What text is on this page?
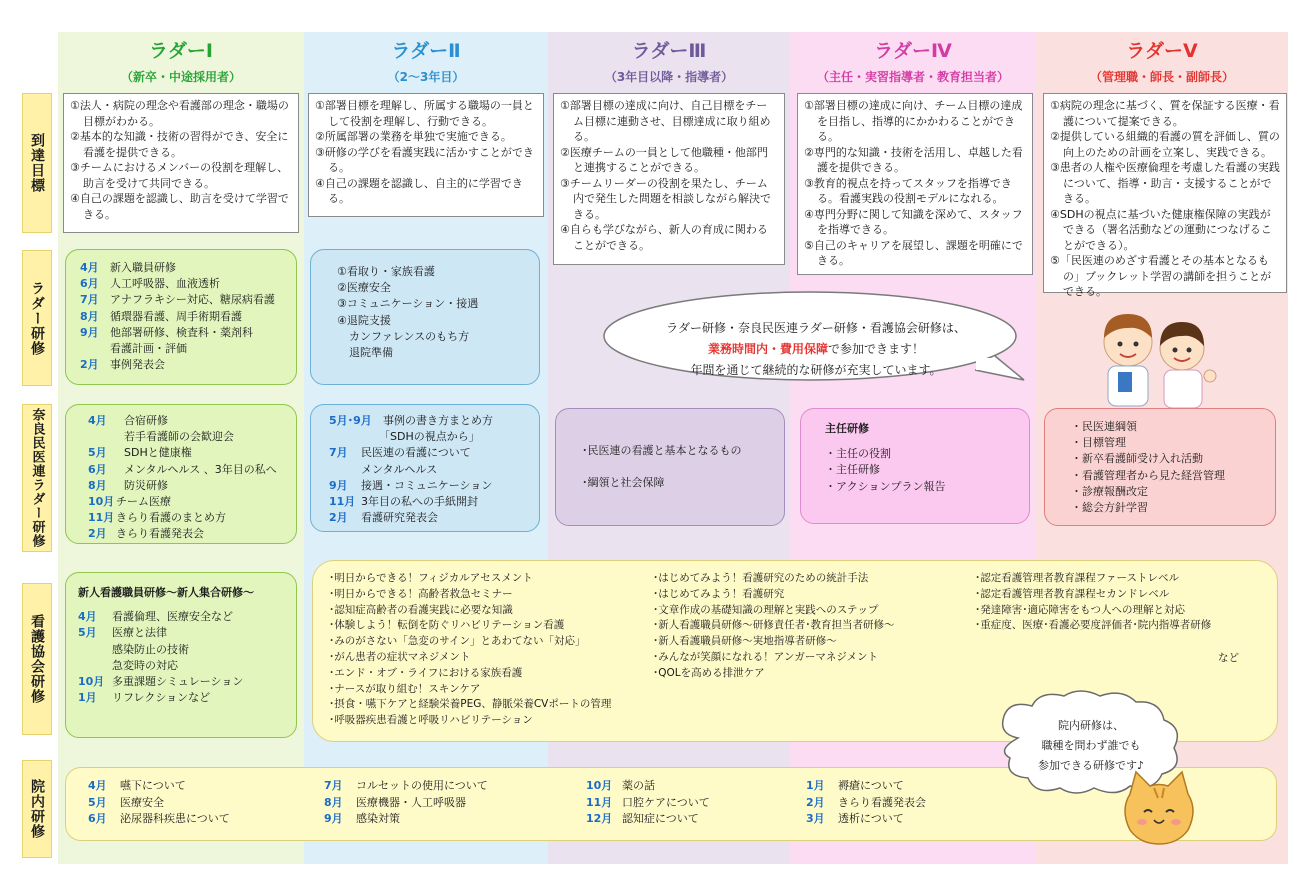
ラダーⅠ
（新卒・中途採用者）
ラダーⅡ
（2～3年目）
ラダーⅢ
（3年目以降・指導者）
ラダーⅣ
（主任・実習指導者・教育担当者）
ラダーⅤ
（管理職・師長・副師長）
到達目標
ラダー研修
奈良民医連ラダー研修
看護協会研修
院内研修
①法人・病院の理念や看護部の理念・職場の目標がわかる。
②基本的な知識・技術の習得ができ、安全に看護を提供できる。
③チームにおけるメンバーの役割を理解し、助言を受けて共同できる。
④自己の課題を認識し、助言を受けて学習できる。
①部署目標を理解し、所属する職場の一員として役割を理解し、行動できる。
②所属部署の業務を単独で実施できる。
③研修の学びを看護実践に活かすことができる。
④自己の課題を認識し、自主的に学習できる。
①部署目標の達成に向け、自己目標をチーム目標に連動させ、目標達成に取り組める。
②医療チームの一員として他職種・他部門と連携することができる。
③チームリーダーの役割を果たし、チーム内で発生した問題を相談しながら解決できる。
④自らも学びながら、新人の育成に関わることができる。
①部署目標の達成に向け、チーム目標の達成を目指し、指導的にかかわることができる。
②専門的な知識・技術を活用し、卓越した看護を提供できる。
③教育的視点を持ってスタッフを指導できる。看護実践の役割モデルになれる。
④専門分野に関して知識を深めて、スタッフを指導できる。
⑤自己のキャリアを展望し、課題を明確にできる。
①病院の理念に基づく、質を保証する医療・看護について提案できる。
②提供している組織的看護の質を評価し、質の向上のための計画を立案し、実践できる。
③患者の人権や医療倫理を考慮した看護の実践について、指導・助言・支援することができる。
④SDHの視点に基づいた健康権保障の実践ができる（署名活動などの運動につなげることができる）。
⑤「民医連のめざす看護とその基本となるもの」ブックレット学習の講師を担うことができる。
4月 新入職員研修
6月 人工呼吸器、血液透析
7月 アナフラキシー対応、糖尿病看護
8月 循環器看護、周手術期看護
9月 他部署研修、検査科・薬剤科
看護計画・評価
2月 事例発表会
①看取り・家族看護
②医療安全
③コミュニケーション・接遇
④退院支援
カンファレンスのもち方
退院準備
ラダー研修・奈良民医連ラダー研修・看護協会研修は、
業務時間内・費用保障で参加できます！
年間を通じて継続的な研修が充実しています。
4月 合宿研修
若手看護師の会歓迎会
5月 SDHと健康権
6月 メンタルヘルス 、3年目の私へ
8月 防災研修
10月 チーム医療
11月 きらり看護のまとめ方
2月 きらり看護発表会
5月･9月 事例の書き方まとめ方
「SDHの視点から」
7月 民医連の看護について
メンタルヘルス
9月 接遇・コミュニケーション
11月 3年目の私への手紙開封
2月 看護研究発表会
･民医連の看護と基本となるもの
･綱領と社会保障
主任研修
・主任の役割
・主任研修
・アクションプラン報告
・民医連綱領
・目標管理
・新卒看護師受け入れ活動
・看護管理者から見た経営管理
・診療報酬改定
・総会方針学習
新人看護職員研修～新人集合研修～
4月 看護倫理、医療安全など
5月 医療と法律
感染防止の技術
急変時の対応
10月 多重課題シミュレーション
1月 リフレクションなど
･明日からできる！フィジカルアセスメント
･明日からできる！高齢者救急セミナー
･認知症高齢者の看護実践に必要な知識
･体験しよう！転倒を防ぐリハビリテーション看護
･みのがさない「急変のサイン」とあわてない「対応」
･がん患者の症状マネジメント
･エンド・オブ・ライフにおける家族看護
･ナースが取り組む！スキンケア
･摂食・嚥下ケアと経験栄養PEG、静脈栄養CVポートの管理
･呼吸器疾患看護と呼吸リハビリテーション
･はじめてみよう！看護研究のための統計手法
･はじめてみよう！看護研究
･文章作成の基礎知識の理解と実践へのステップ
･新人看護職員研修～研修責任者･教育担当者研修～
･新人看護職員研修～実地指導者研修～
･みんなが笑顔になれる！アンガーマネジメント
･QOLを高める排泄ケア
･認定看護管理者教育課程ファーストレベル
･認定看護管理者教育課程セカンドレベル
･発達障害･適応障害をもつ人への理解と対応
･重症度、医療･看護必要度評価者･院内指導者研修
など
4月 嚥下について
5月 医療安全
6月 泌尿器科疾患について
7月 コルセットの使用について
8月 医療機器・人工呼吸器
9月 感染対策
10月 薬の話
11月 口腔ケアについて
12月 認知症について
1月 褥瘡について
2月 きらり看護発表会
3月 透析について
院内研修は、
職種を問わず誰でも
参加できる研修です♪
